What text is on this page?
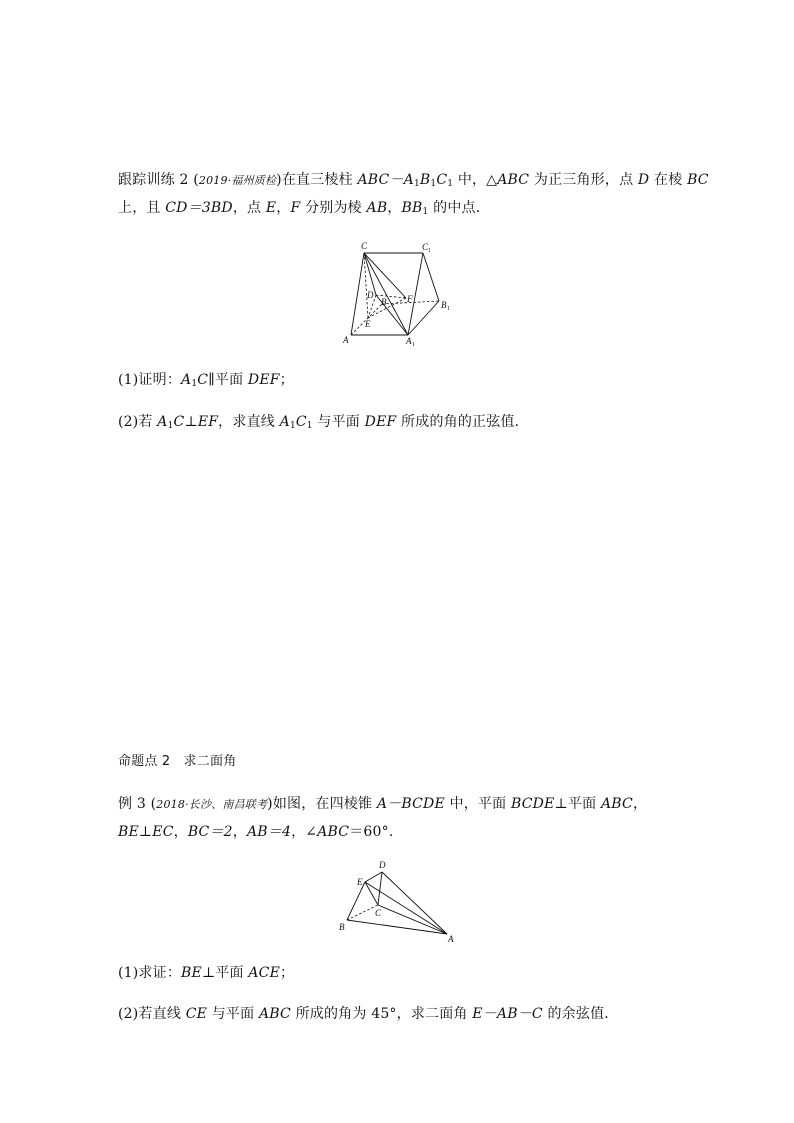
跟踪训练 2 (2019·福州质检)在直三棱柱 $ABC-A_1B_1C_1$ 中，△ABC 为正三角形，点 D 在棱 BC
上，且 CD＝3BD，点 E，F 分别为棱 AB，$BB_1$ 的中点．
C	C 1
D
B F
B 1
E
A	A 1
(1)证明：$A_1C\parallel$平面 DEF；
(2)若 $A_1C\perp EF$，求直线 $A_1C_1$ 与平面 DEF 所成的角的正弦值．
命题点 2　求二面角
例 3 (2018·长沙、南昌联考)如图，在四棱锥 A－BCDE 中，平面 BCDE⊥平面 ABC，
BE⊥EC，BC＝2，AB＝4，∠ABC＝60°.
D
E
C
B
A
(1)求证：BE⊥平面 ACE；
(2)若直线 CE 与平面 ABC 所成的角为 45°，求二面角 E－AB－C 的余弦值．
